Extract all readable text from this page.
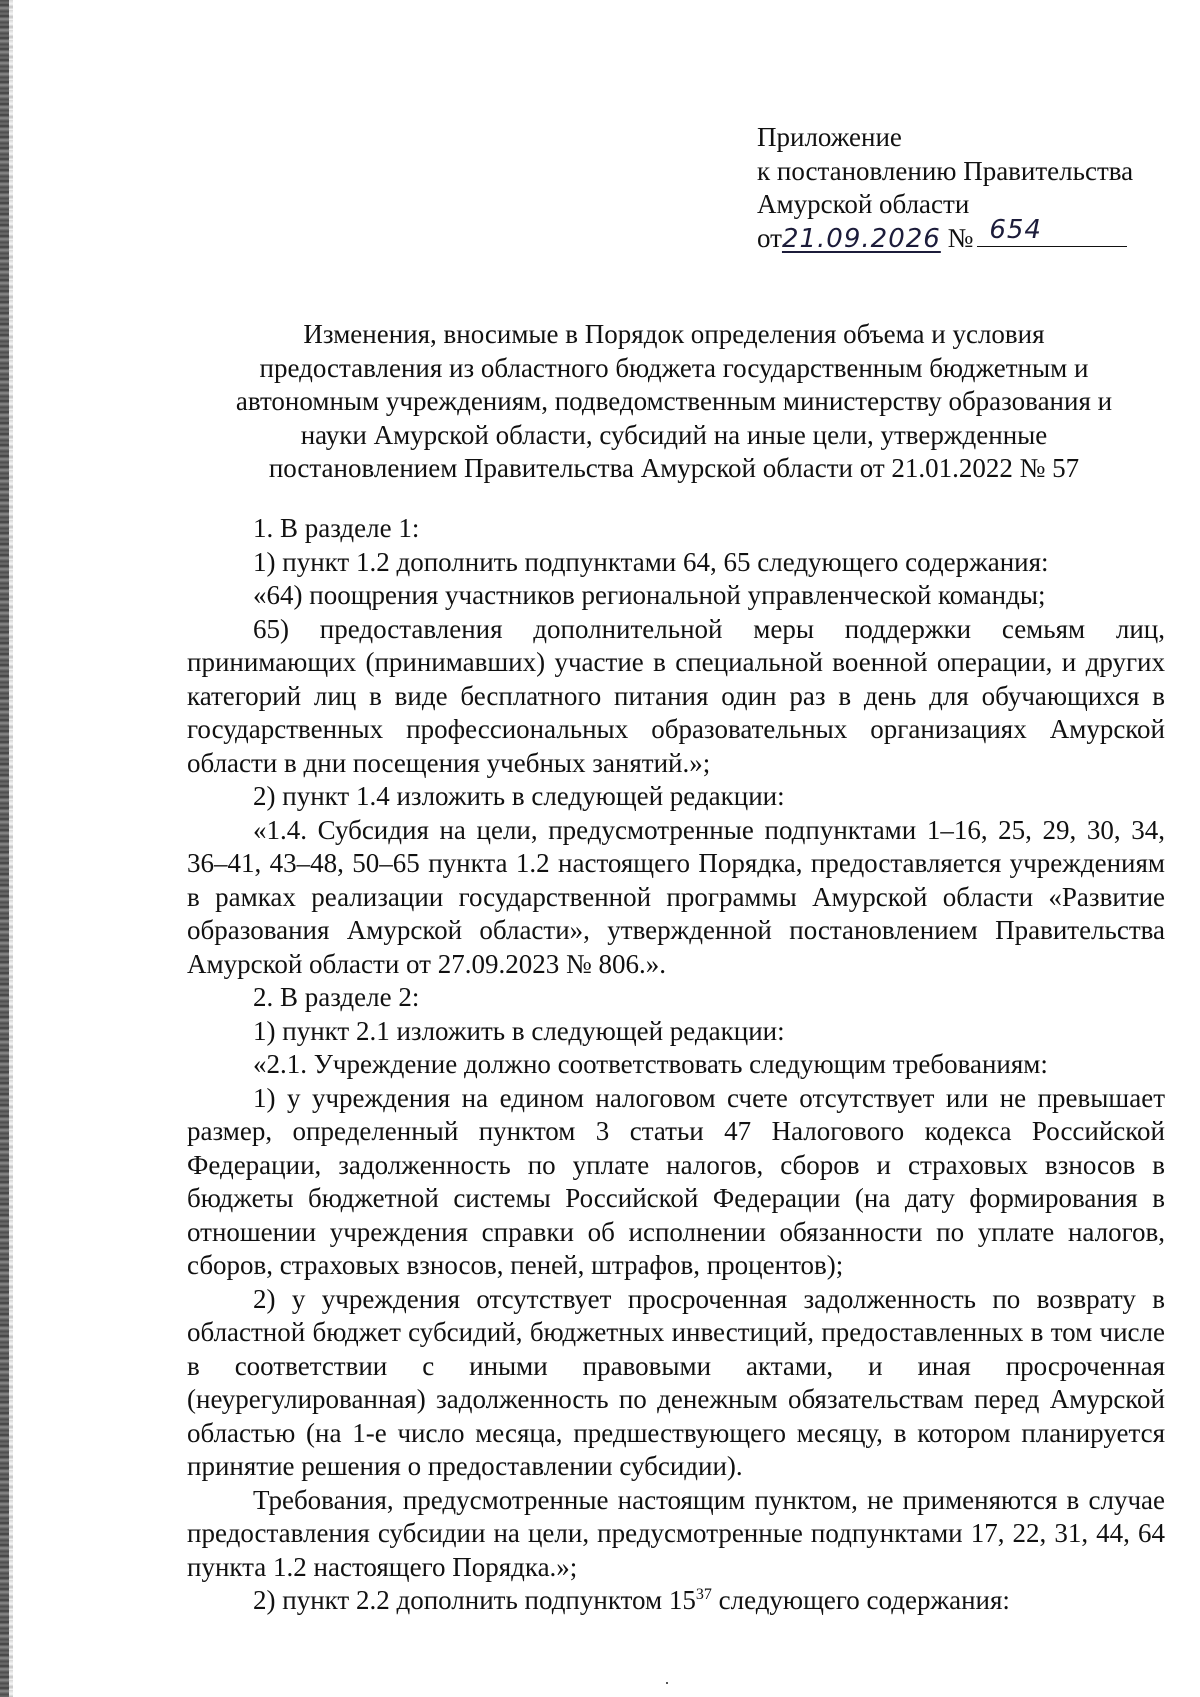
Приложение
к постановлению Правительства
Амурской области
от21.09.2026 № 654
Изменения, вносимые в Порядок определения объема и условия
предоставления из областного бюджета государственным бюджетным и
автономным учреждениям, подведомственным министерству образования и
науки Амурской области, субсидий на иные цели, утвержденные
постановлением Правительства Амурской области от 21.01.2022 № 57

1. В разделе 1:

1) пункт 1.2 дополнить подпунктами 64, 65 следующего содержания:

«64) поощрения участников региональной управленческой команды;

65) предоставления дополнительной меры поддержки семьям лиц, принимающих (принимавших) участие в специальной военной операции, и других категорий лиц в виде бесплатного питания один раз в день для обучающихся в государственных профессиональных образовательных организациях Амурской области в дни посещения учебных занятий.»;

2) пункт 1.4 изложить в следующей редакции:

«1.4. Субсидия на цели, предусмотренные подпунктами 1–16, 25, 29, 30, 34, 36–41, 43–48, 50–65 пункта 1.2 настоящего Порядка, предоставляется учреждениям в рамках реализации государственной программы Амурской области «Развитие образования Амурской области», утвержденной постановлением Правительства Амурской области от 27.09.2023 № 806.».

2. В разделе 2:

1) пункт 2.1 изложить в следующей редакции:

«2.1. Учреждение должно соответствовать следующим требованиям:

1) у учреждения на едином налоговом счете отсутствует или не превышает размер, определенный пунктом 3 статьи 47 Налогового кодекса Российской Федерации, задолженность по уплате налогов, сборов и страховых взносов в бюджеты бюджетной системы Российской Федерации (на дату формирования в отношении учреждения справки об исполнении обязанности по уплате налогов, сборов, страховых взносов, пеней, штрафов, процентов);

2) у учреждения отсутствует просроченная задолженность по возврату в областной бюджет субсидий, бюджетных инвестиций, предоставленных в том числе в соответствии с иными правовыми актами, и иная просроченная (неурегулированная) задолженность по денежным обязательствам перед Амурской областью (на 1-е число месяца, предшествующего месяцу, в котором планируется принятие решения о предоставлении субсидии).

Требования, предусмотренные настоящим пунктом, не применяются в случае предоставления субсидии на цели, предусмотренные подпунктами 17, 22, 31, 44, 64 пункта 1.2 настоящего Порядка.»;

2) пункт 2.2 дополнить подпунктом $15^{37}$ следующего содержания:
